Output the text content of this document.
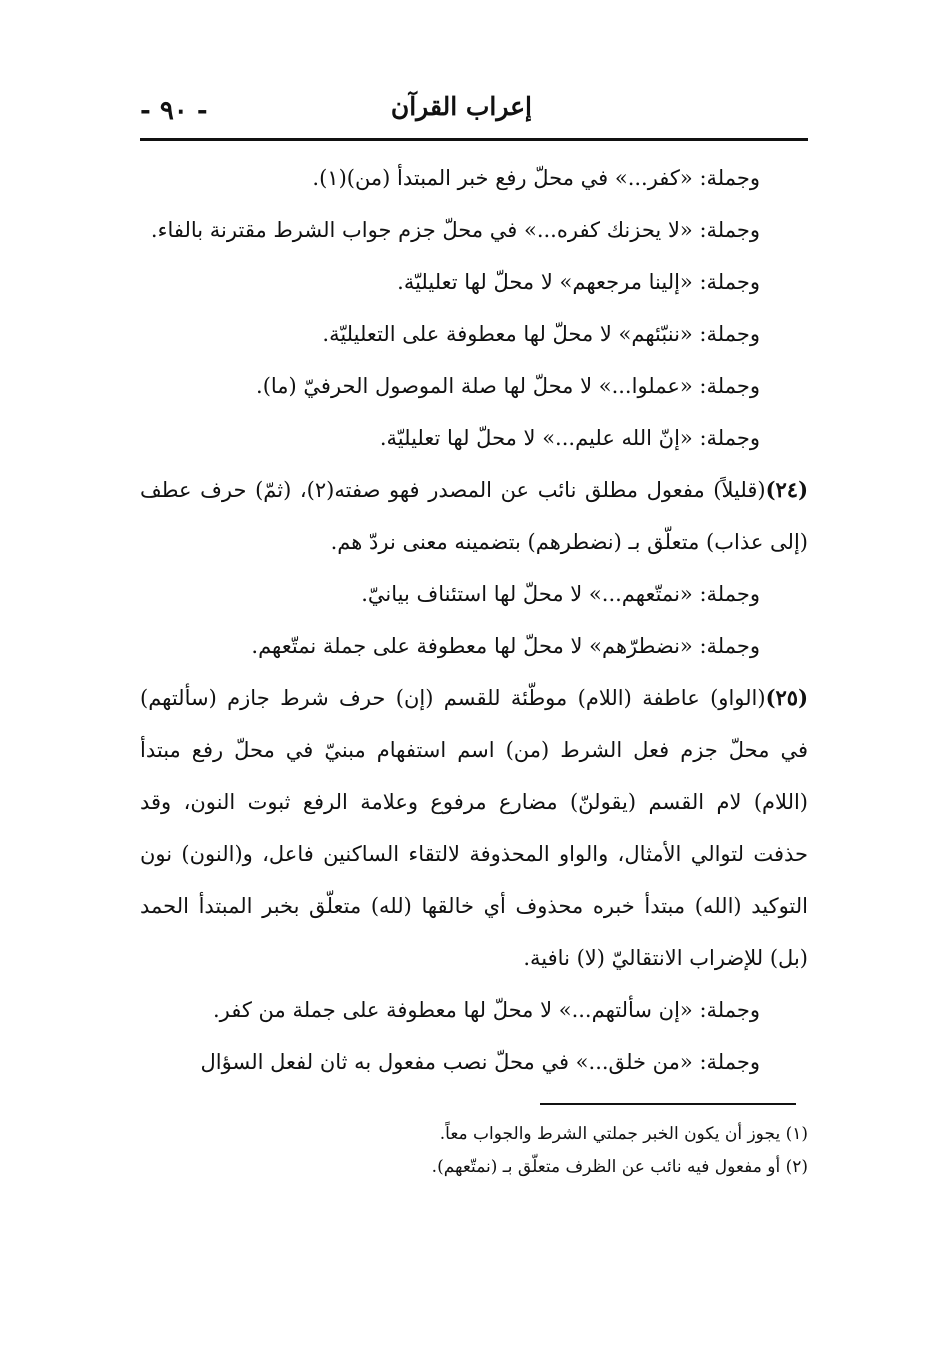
- ٩٠ -	إعراب القرآن

وجملة: «كفر...» في محلّ رفع خبر المبتدأ (من)(١).

وجملة: «لا يحزنك كفره...» في محلّ جزم جواب الشرط مقترنة بالفاء.

وجملة: «إلينا مرجعهم» لا محلّ لها تعليليّة.

وجملة: «ننبّئهم» لا محلّ لها معطوفة على التعليليّة.

وجملة: «عملوا...» لا محلّ لها صلة الموصول الحرفيّ (ما).

وجملة: «إنّ الله عليم...» لا محلّ لها تعليليّة.

(٢٤)(قليلاً) مفعول مطلق نائب عن المصدر فهو صفته(٢)، (ثمّ) حرف عطف (إلى عذاب) متعلّق بـ (نضطرهم) بتضمينه معنى نردّ هم.

وجملة: «نمتّعهم...» لا محلّ لها استئناف بيانيّ.

وجملة: «نضطرّهم» لا محلّ لها معطوفة على جملة نمتّعهم.

(٢٥)(الواو) عاطفة (اللام) موطّئة للقسم (إن) حرف شرط جازم (سألتهم) في محلّ جزم فعل الشرط (من) اسم استفهام مبنيّ في محلّ رفع مبتدأ (اللام) لام القسم (يقولنّ) مضارع مرفوع وعلامة الرفع ثبوت النون، وقد حذفت لتوالي الأمثال، والواو المحذوفة لالتقاء الساكنين فاعل، و(النون) نون التوكيد (الله) مبتدأ خبره محذوف أي خالقها (لله) متعلّق بخبر المبتدأ الحمد (بل) للإضراب الانتقاليّ (لا) نافية.

وجملة: «إن سألتهم...» لا محلّ لها معطوفة على جملة من كفر.

وجملة: «من خلق...» في محلّ نصب مفعول به ثان لفعل السؤال

(١) يجوز أن يكون الخبر جملتي الشرط والجواب معاً.

(٢) أو مفعول فيه نائب عن الظرف متعلّق بـ (نمتّعهم).
